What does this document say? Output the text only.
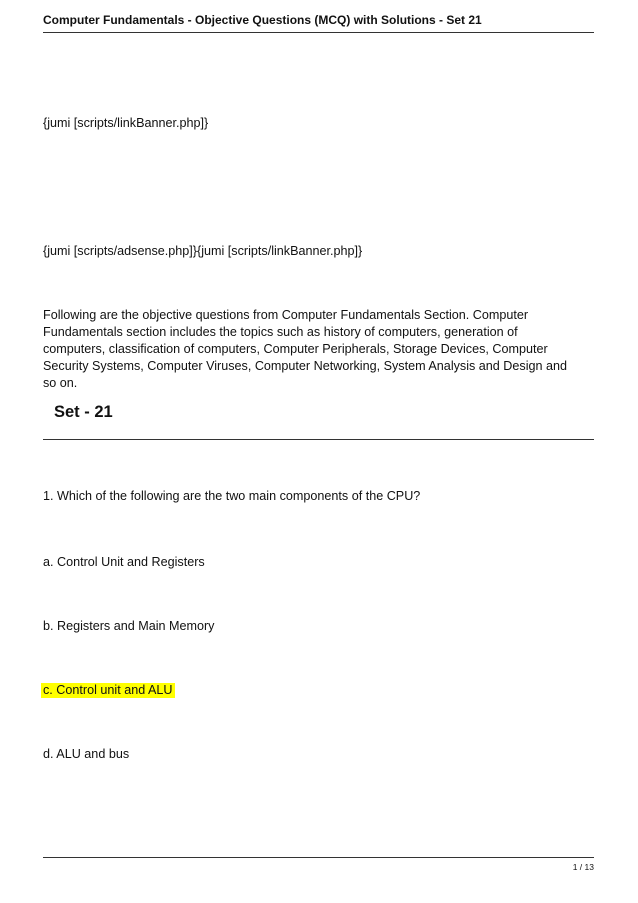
Computer Fundamentals - Objective Questions (MCQ) with Solutions - Set 21
{jumi [scripts/linkBanner.php]}
{jumi [scripts/adsense.php]}{jumi [scripts/linkBanner.php]}
Following are the objective questions from Computer Fundamentals Section. Computer
Fundamentals section includes the topics such as history of computers, generation of
computers, classification of computers, Computer Peripherals, Storage Devices, Computer
Security Systems, Computer Viruses, Computer Networking, System Analysis and Design and
so on.
Set - 21
1. Which of the following are the two main components of the CPU?
a. Control Unit and Registers
b. Registers and Main Memory
c. Control unit and ALU
d. ALU and bus
1 / 13
